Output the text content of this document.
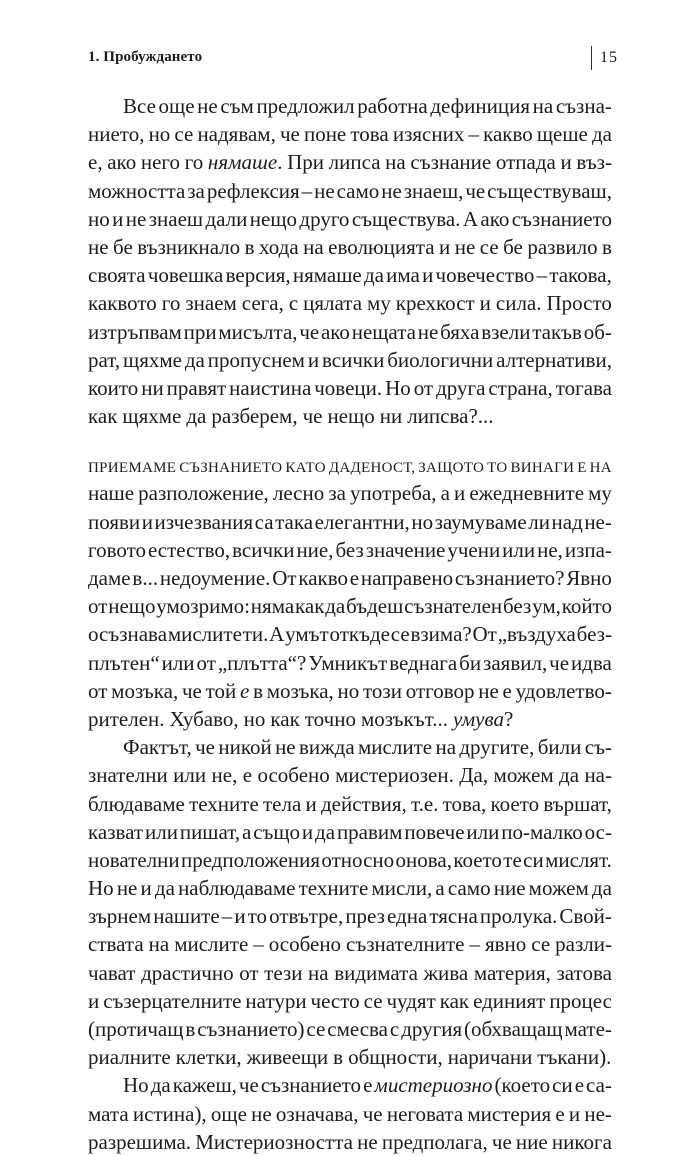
1. Пробуждането	15
Все още не съм предложил работна дефиниция на съзна-
нието, но се надявам, че поне това изясних – какво щеше да
е, ако него го нямаше. При липса на съзнание отпада и въз-
можността за рефлексия – не само не знаеш, че съществуваш,
но и не знаеш дали нещо друго съществува. А ако съзнанието
не бе възникнало в хода на еволюцията и не се бе развило в
своята човешка версия, нямаше да има и човечество – такова,
каквото го знаем сега, с цялата му крехкост и сила. Просто
изтръпвам при мисълта, че ако нещата не бяха взели такъв об-
рат, щяхме да пропуснем и всички биологични алтернативи,
които ни правят наистина човеци. Но от друга страна, тогава
как щяхме да разберем, че нещо ни липсва?...
ПРИЕМАМЕ СЪЗНАНИЕТО КАТО ДАДЕНОСТ, ЗАЩОТО ТО ВИНАГИ Е НА
наше разположение, лесно за употреба, а и ежедневните му
появи и изчезвания са така елегантни, но заумуваме ли над не-
говото естество, всички ние, без значение учени или не, изпа-
даме в... недоумение. От какво е направено съзнанието? Явно
от нещо умозримо: няма как да бъдеш съзнателен без ум, който
осъзнава мислите ти. А умът откъде се взима? От „въздуха без-
плътен“ или от „плътта“? Умникът веднага би заявил, че идва
от мозъка, че той е в мозъка, но този отговор не е удовлетво-
рителен. Хубаво, но как точно мозъкът... умува?
Фактът, че никой не вижда мислите на другите, били съ-
знателни или не, е особено мистериозен. Да, можем да на-
блюдаваме техните тела и действия, т.е. това, което вършат,
казват или пишат, а също и да правим повече или по-малко ос-
нователни предположения относно онова, което те си мислят.
Но не и да наблюдаваме техните мисли, а само ние можем да
зърнем нашите – и то отвътре, през една тясна пролука. Свой-
ствата на мислите – особено съзнателните – явно се разли-
чават драстично от тези на видимата жива материя, затова
и съзерцателните натури често се чудят как единият процес
(протичащ в съзнанието) се смесва с другия (обхващащ матe-
риалните клетки, живеещи в общности, наричани тъкани).
Но да кажеш, че съзнанието е мистериозно (което си е са-
мата истина), още не означава, че неговата мистерия е и не-
разрешима. Мистериозността не предполага, че ние никога
